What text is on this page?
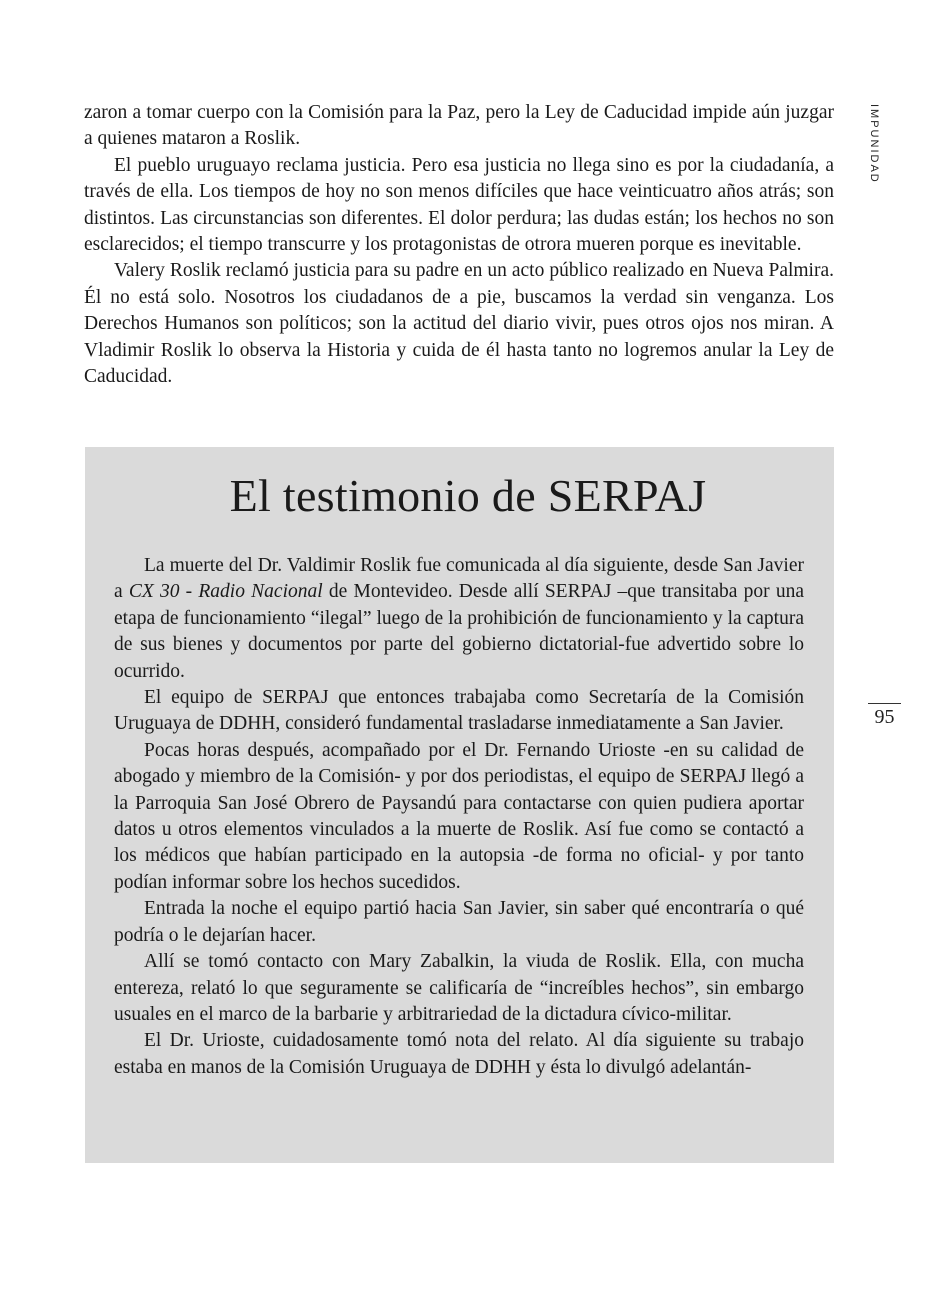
IMPUNIDAD
95

zaron a tomar cuerpo con la Comisión para la Paz, pero la Ley de Caducidad impide aún juzgar a quienes mataron a Roslik.

El pueblo uruguayo reclama justicia. Pero esa justicia no llega sino es por la ciudadanía, a través de ella. Los tiempos de hoy no son menos difíciles que hace veinticuatro años atrás; son distintos. Las circunstancias son diferentes. El dolor perdura; las dudas están; los hechos no son esclarecidos; el tiempo transcurre y los protagonistas de otrora mueren porque es inevitable.

Valery Roslik reclamó justicia para su padre en un acto público realizado en Nueva Palmira. Él no está solo. Nosotros los ciudadanos de a pie, buscamos la verdad sin venganza. Los Derechos Humanos son políticos; son la actitud del diario vivir, pues otros ojos nos miran. A Vladimir Roslik lo observa la Historia y cuida de él hasta tanto no logremos anular la Ley de Caducidad.

El testimonio de SERPAJ

La muerte del Dr. Valdimir Roslik fue comunicada al día siguiente, desde San Javier a CX 30 - Radio Nacional de Montevideo. Desde allí SERPAJ –que transitaba por una etapa de funcionamiento “ilegal” luego de la prohibición de funcionamiento y la captura de sus bienes y documentos por parte del gobierno dictatorial-fue advertido sobre lo ocurrido.

El equipo de SERPAJ que entonces trabajaba como Secretaría de la Comisión Uruguaya de DDHH, consideró fundamental trasladarse inmediatamente a San Javier.

Pocas horas después, acompañado por el Dr. Fernando Urioste -en su calidad de abogado y miembro de la Comisión- y por dos periodistas, el equipo de SERPAJ llegó a la Parroquia San José Obrero de Paysandú para contactarse con quien pudiera aportar datos u otros elementos vinculados a la muerte de Roslik. Así fue como se contactó a los médicos que habían participado en la autopsia -de forma no oficial- y por tanto podían informar sobre los hechos sucedidos.

Entrada la noche el equipo partió hacia San Javier, sin saber qué encontraría o qué podría o le dejarían hacer.

Allí se tomó contacto con Mary Zabalkin, la viuda de Roslik. Ella, con mucha entereza, relató lo que seguramente se calificaría de “increíbles hechos”, sin embargo usuales en el marco de la barbarie y arbitrariedad de la dictadura cívico-militar.

El Dr. Urioste, cuidadosamente tomó nota del relato. Al día siguiente su trabajo estaba en manos de la Comisión Uruguaya de DDHH y ésta lo divulgó adelantán-
